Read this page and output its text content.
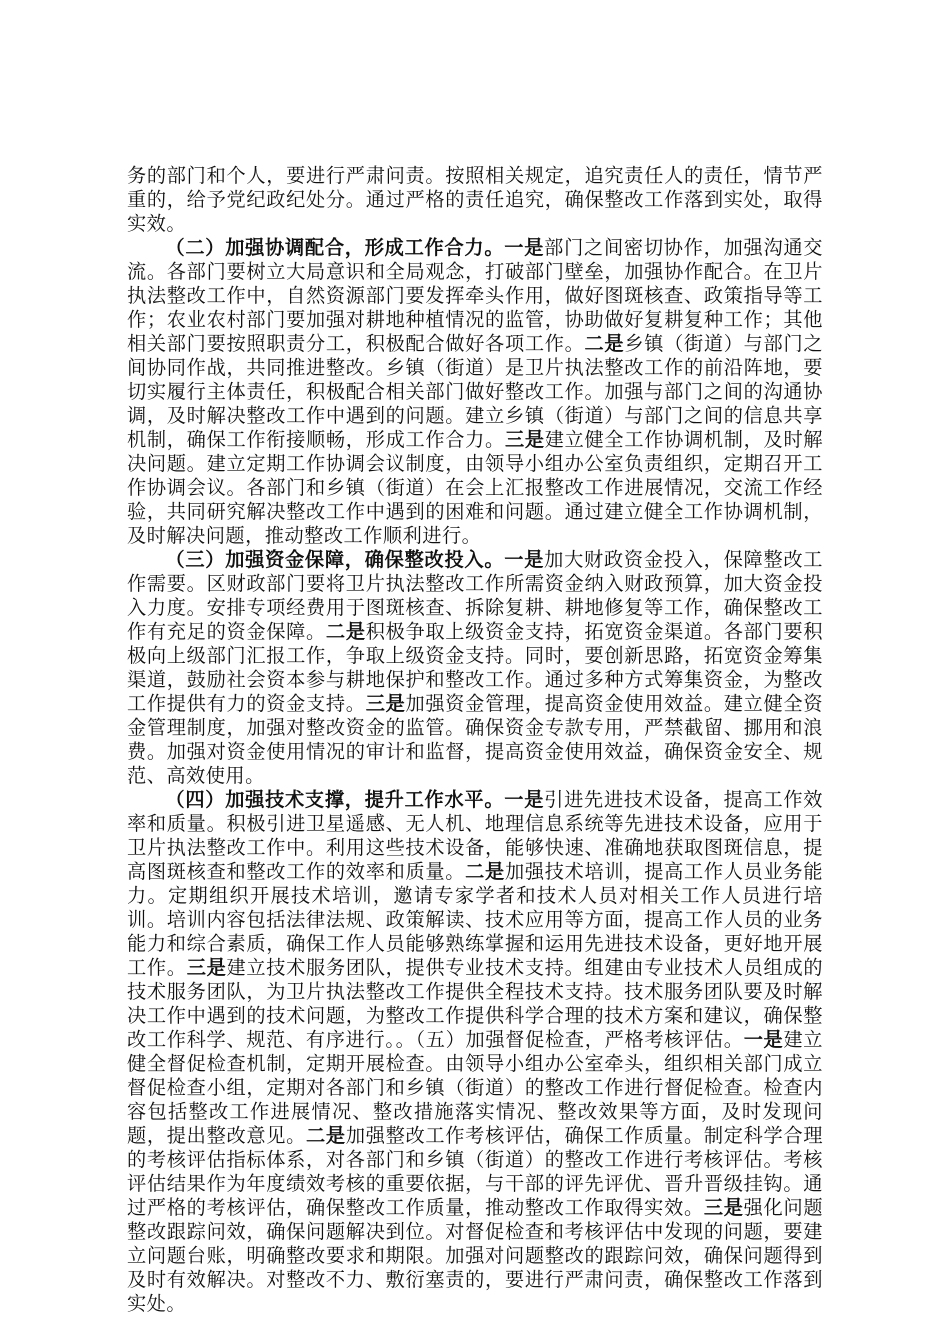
务的部门和个人，要进行严肃问责。按照相关规定，追究责任人的责任，情节严重的，给予党纪政纪处分。通过严格的责任追究，确保整改工作落到实处，取得实效。

（二）加强协调配合，形成工作合力。一是部门之间密切协作，加强沟通交流。各部门要树立大局意识和全局观念，打破部门壁垒，加强协作配合。在卫片执法整改工作中，自然资源部门要发挥牵头作用，做好图斑核查、政策指导等工作；农业农村部门要加强对耕地种植情况的监管，协助做好复耕复种工作；其他相关部门要按照职责分工，积极配合做好各项工作。二是乡镇（街道）与部门之间协同作战，共同推进整改。乡镇（街道）是卫片执法整改工作的前沿阵地，要切实履行主体责任，积极配合相关部门做好整改工作。加强与部门之间的沟通协调，及时解决整改工作中遇到的问题。建立乡镇（街道）与部门之间的信息共享机制，确保工作衔接顺畅，形成工作合力。三是建立健全工作协调机制，及时解决问题。建立定期工作协调会议制度，由领导小组办公室负责组织，定期召开工作协调会议。各部门和乡镇（街道）在会上汇报整改工作进展情况，交流工作经验，共同研究解决整改工作中遇到的困难和问题。通过建立健全工作协调机制，及时解决问题，推动整改工作顺利进行。

（三）加强资金保障，确保整改投入。一是加大财政资金投入，保障整改工作需要。区财政部门要将卫片执法整改工作所需资金纳入财政预算，加大资金投入力度。安排专项经费用于图斑核查、拆除复耕、耕地修复等工作，确保整改工作有充足的资金保障。二是积极争取上级资金支持，拓宽资金渠道。各部门要积极向上级部门汇报工作，争取上级资金支持。同时，要创新思路，拓宽资金筹集渠道，鼓励社会资本参与耕地保护和整改工作。通过多种方式筹集资金，为整改工作提供有力的资金支持。三是加强资金管理，提高资金使用效益。建立健全资金管理制度，加强对整改资金的监管。确保资金专款专用，严禁截留、挪用和浪费。加强对资金使用情况的审计和监督，提高资金使用效益，确保资金安全、规范、高效使用。

（四）加强技术支撑，提升工作水平。一是引进先进技术设备，提高工作效率和质量。积极引进卫星遥感、无人机、地理信息系统等先进技术设备，应用于卫片执法整改工作中。利用这些技术设备，能够快速、准确地获取图斑信息，提高图斑核查和整改工作的效率和质量。二是加强技术培训，提高工作人员业务能力。定期组织开展技术培训，邀请专家学者和技术人员对相关工作人员进行培训。培训内容包括法律法规、政策解读、技术应用等方面，提高工作人员的业务能力和综合素质，确保工作人员能够熟练掌握和运用先进技术设备，更好地开展工作。三是建立技术服务团队，提供专业技术支持。组建由专业技术人员组成的技术服务团队，为卫片执法整改工作提供全程技术支持。技术服务团队要及时解决工作中遇到的技术问题，为整改工作提供科学合理的技术方案和建议，确保整改工作科学、规范、有序进行。。（五）加强督促检查，严格考核评估。一是建立健全督促检查机制，定期开展检查。由领导小组办公室牵头，组织相关部门成立督促检查小组，定期对各部门和乡镇（街道）的整改工作进行督促检查。检查内容包括整改工作进展情况、整改措施落实情况、整改效果等方面，及时发现问题，提出整改意见。二是加强整改工作考核评估，确保工作质量。制定科学合理的考核评估指标体系，对各部门和乡镇（街道）的整改工作进行考核评估。考核评估结果作为年度绩效考核的重要依据，与干部的评先评优、晋升晋级挂钩。通过严格的考核评估，确保整改工作质量，推动整改工作取得实效。三是强化问题整改跟踪问效，确保问题解决到位。对督促检查和考核评估中发现的问题，要建立问题台账，明确整改要求和期限。加强对问题整改的跟踪问效，确保问题得到及时有效解决。对整改不力、敷衍塞责的，要进行严肃问责，确保整改工作落到实处。
